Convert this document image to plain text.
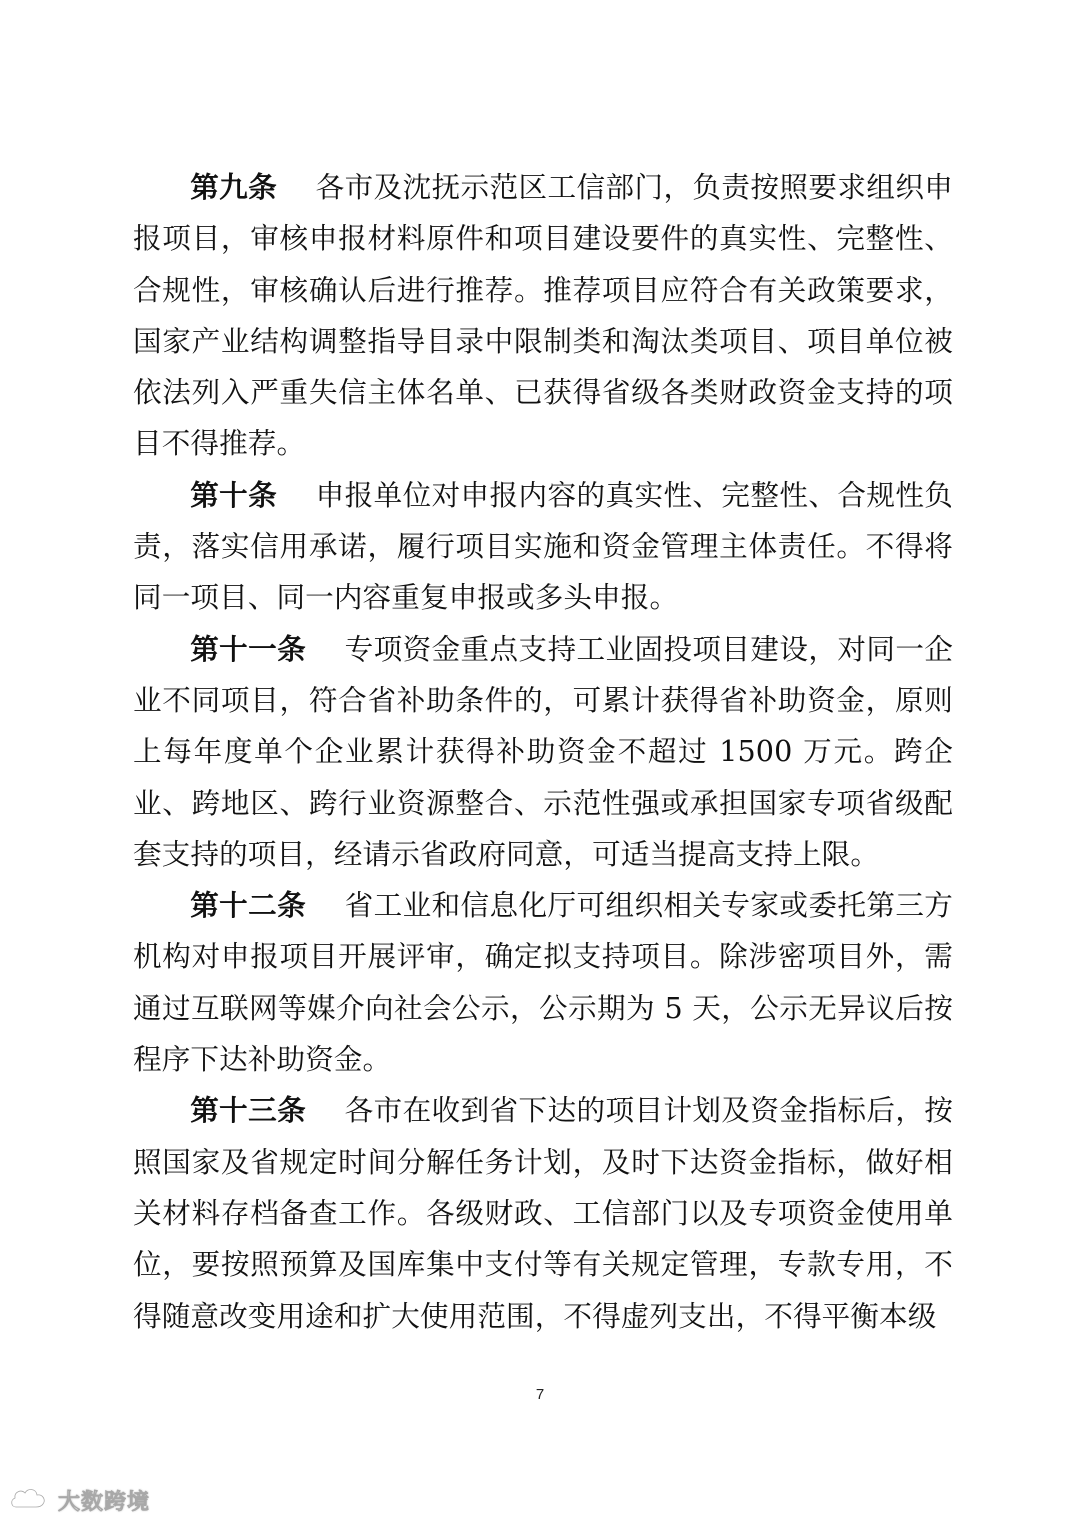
第九条　 各市及沈抚示范区工信部门，负责按照要求组织申报项目，审核申报材料原件和项目建设要件的真实性、完整性、合规性，审核确认后进行推荐。推荐项目应符合有关政策要求，国家产业结构调整指导目录中限制类和淘汰类项目、项目单位被依法列入严重失信主体名单、已获得省级各类财政资金支持的项目不得推荐。

第十条　 申报单位对申报内容的真实性、完整性、合规性负责，落实信用承诺，履行项目实施和资金管理主体责任。不得将同一项目、同一内容重复申报或多头申报。

第十一条　 专项资金重点支持工业固投项目建设，对同一企业不同项目，符合省补助条件的，可累计获得省补助资金，原则上每年度单个企业累计获得补助资金不超过 1500 万元。跨企业、跨地区、跨行业资源整合、示范性强或承担国家专项省级配套支持的项目，经请示省政府同意，可适当提高支持上限。

第十二条　 省工业和信息化厅可组织相关专家或委托第三方机构对申报项目开展评审，确定拟支持项目。除涉密项目外，需通过互联网等媒介向社会公示，公示期为 5 天，公示无异议后按程序下达补助资金。

第十三条　 各市在收到省下达的项目计划及资金指标后，按照国家及省规定时间分解任务计划，及时下达资金指标，做好相关材料存档备查工作。各级财政、工信部门以及专项资金使用单位，要按照预算及国库集中支付等有关规定管理，专款专用，不得随意改变用途和扩大使用范围，不得虚列支出，不得平衡本级

7
大数跨境
